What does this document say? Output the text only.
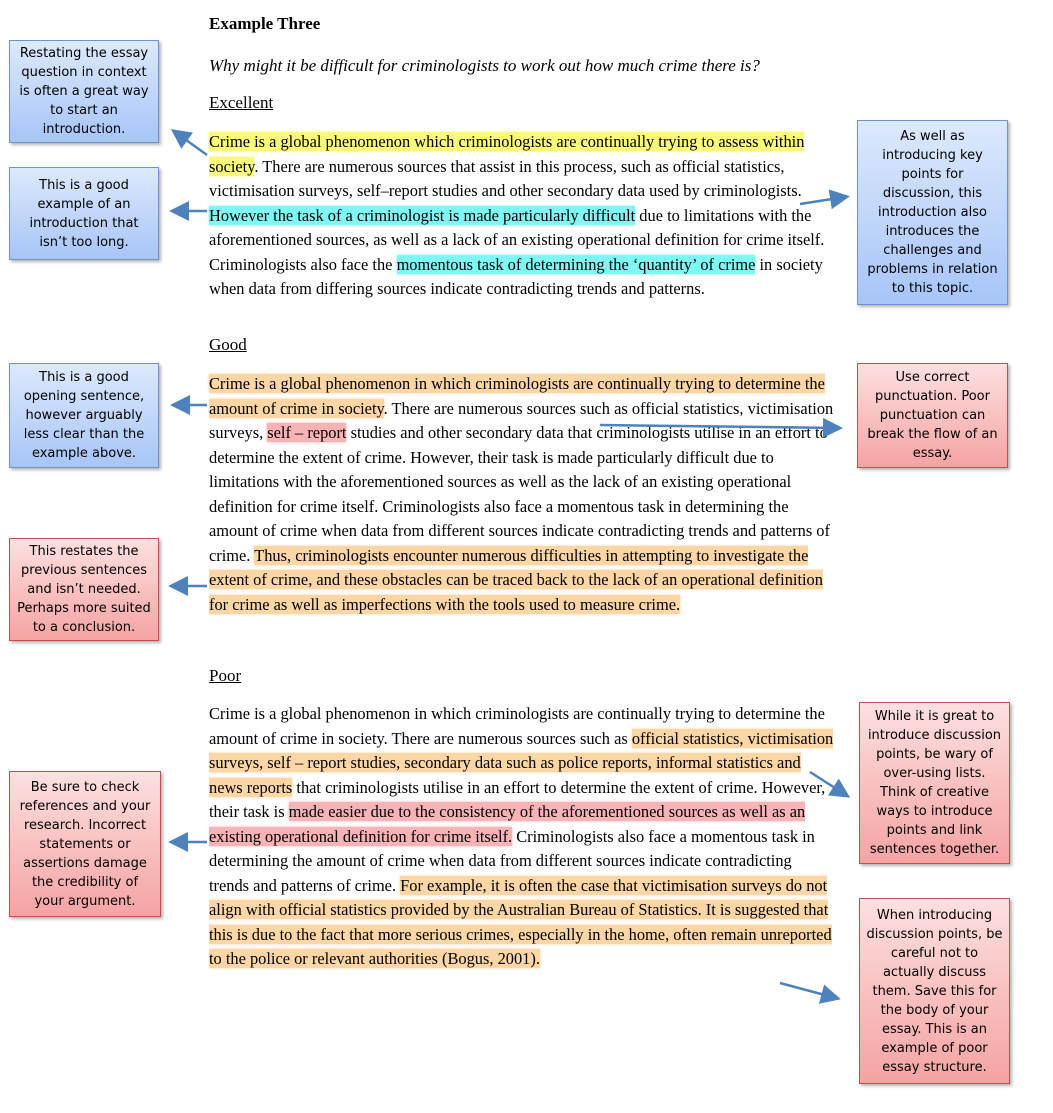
Example Three
Why might it be difficult for criminologists to work out how much crime there is?
Excellent
Crime is a global phenomenon which criminologists are continually trying to assess within society. There are numerous sources that assist in this process, such as official statistics, victimisation surveys, self–report studies and other secondary data used by criminologists. However the task of a criminologist is made particularly difficult due to limitations with the aforementioned sources, as well as a lack of an existing operational definition for crime itself. Criminologists also face the momentous task of determining the ‘quantity’ of crime in society when data from differing sources indicate contradicting trends and patterns.
Good
Crime is a global phenomenon in which criminologists are continually trying to determine the amount of crime in society. There are numerous sources such as official statistics, victimisation surveys, self – report studies and other secondary data that criminologists utilise in an effort to determine the extent of crime. However, their task is made particularly difficult due to limitations with the aforementioned sources as well as the lack of an existing operational definition for crime itself. Criminologists also face a momentous task in determining the amount of crime when data from different sources indicate contradicting trends and patterns of crime. Thus, criminologists encounter numerous difficulties in attempting to investigate the extent of crime, and these obstacles can be traced back to the lack of an operational definition for crime as well as imperfections with the tools used to measure crime.
Poor
Crime is a global phenomenon in which criminologists are continually trying to determine the amount of crime in society. There are numerous sources such as official statistics, victimisation surveys, self – report studies, secondary data such as police reports, informal statistics and news reports that criminologists utilise in an effort to determine the extent of crime. However, their task is made easier due to the consistency of the aforementioned sources as well as an existing operational definition for crime itself. Criminologists also face a momentous task in determining the amount of crime when data from different sources indicate contradicting trends and patterns of crime. For example, it is often the case that victimisation surveys do not align with official statistics provided by the Australian Bureau of Statistics. It is suggested that this is due to the fact that more serious crimes, especially in the home, often remain unreported to the police or relevant authorities (Bogus, 2001).
Restating the essay question in context is often a great way to start an introduction.
This is a good example of an introduction that isn’t too long.
As well as introducing key points for discussion, this introduction also introduces the challenges and problems in relation to this topic.
This is a good opening sentence, however arguably less clear than the example above.
Use correct punctuation. Poor punctuation can break the flow of an essay.
This restates the previous sentences and isn’t needed. Perhaps more suited to a conclusion.
While it is great to introduce discussion points, be wary of over-using lists. Think of creative ways to introduce points and link sentences together.
Be sure to check references and your research. Incorrect statements or assertions damage the credibility of your argument.
When introducing discussion points, be careful not to actually discuss them. Save this for the body of your essay. This is an example of poor essay structure.
